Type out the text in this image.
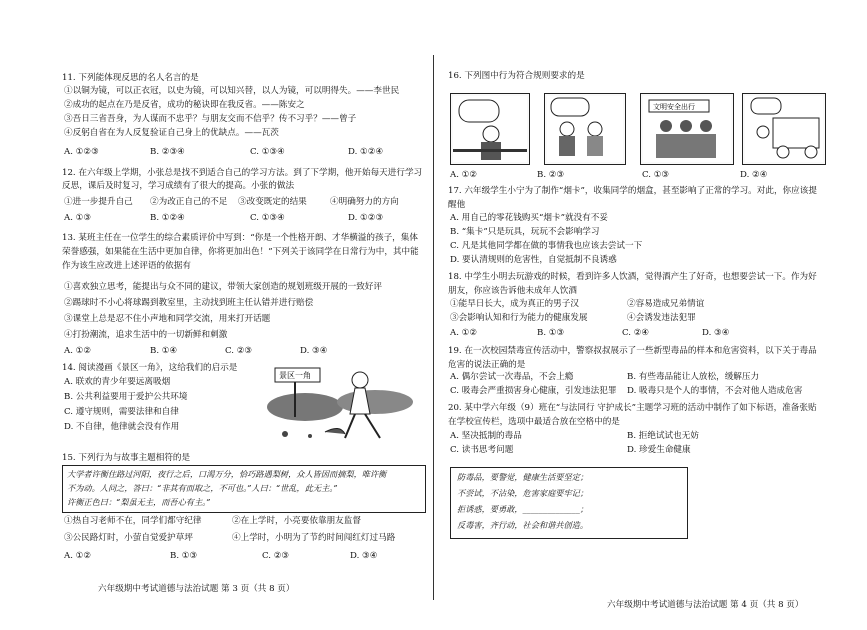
11. 下列能体现反思的名人名言的是
①以铜为镜，可以正衣冠，以史为镜，可以知兴替，以人为镜，可以明得失。——李世民
②成功的起点在乃是反省，成功的秘诀即在我反省。——陈安之
③吾日三省吾身，为人谋而不忠乎？与朋友交而不信乎？传不习乎？——曾子
④反躬自省在为人反复验证自己身上的优缺点。——瓦茨
A. ①②③	B. ②③④	C. ①③④	D. ①②④
12. 在六年级上学期，小张总是找不到适合自己的学习方法。到了下学期，他开始每天进行学习反思，课后及时复习，学习成绩有了很大的提高。小张的做法
①进一步提升自己 ②为改正自己的不足 ③改变既定的结果	④明确努力的方向
A. ①③	B. ①②④	C. ①③④	D. ①②③
13. 某班主任在一位学生的综合素质评价中写到：“你是一个性格开朗、才华横溢的孩子，集体荣誉感强，如果能在生活中更加自律，你将更加出色！”下列关于该同学在日常行为中，其中能作为该生应改进上述评语的依据有
①喜欢独立思考，能提出与众不同的建议，带领大家创造的规划班级开展的一致好评
②踢球时不小心将球踢到教室里，主动找到班主任认错并进行赔偿
③课堂上总是忍不住小声地和同学交流，用来打开话题
④打扮潮流，追求生活中的一切新鲜和刺激
A. ①②	B. ①④	C. ②③	D. ③④
14. 阅读漫画《景区一角》，这给我们的启示是
A. 联欢的青少年要远离吸烟
B. 公共利益要用于爱护公共环境
C. 遵守规则，需要法律和自律
D. 不自律，他律就会没有作用
景区一角
15. 下列行为与故事主题相符的是
大学者许衡住路过河阳，夜行之后，口渴万分，恰巧路遇梨树，众人皆因而摘梨，唯许衡
不为动。人问之，答曰：“非其有而取之，不可也。”人曰：“世乱，此无主。”
许衡正色曰：“梨虽无主，而吾心有主。”
①热自习老师不在，同学们都守纪律	②在上学时，小亮要依靠朋友监督
③公民路灯时，小萤自觉爱护草坪	④上学时，小明为了节约时间闯红灯过马路
A. ①②	B. ①③	C. ②③	D. ③④
六年级期中考试道德与法治试题 第 3 页（共 8 页）
16. 下列图中行为符合规则要求的是
文明安全出行
A. ①②	B. ②③	C. ①③	D. ②④
17. 六年级学生小宁为了制作“烟卡”，收集同学的烟盒，甚至影响了正常的学习。对此，你应该提醒他
A. 用自己的零花钱购买“烟卡”就没有不妥
B. “集卡”只是玩具，玩玩不会影响学习
C. 凡是其他同学都在做的事情我也应该去尝试一下
D. 要认清规则的危害性，自觉抵制不良诱惑
18. 中学生小明去玩游戏的时候，看到许多人饮酒，觉得酒产生了好奇，也想要尝试一下。作为好朋友，你应该告诉他未成年人饮酒
①能早日长大，成为真正的男子汉	②容易造成兄弟情谊
③会影响认知和行为能力的健康发展	④会诱发违法犯罪
A. ①②	B. ①③	C. ②④	D. ③④
19. 在一次校园禁毒宣传活动中，警察叔叔展示了一些新型毒品的样本和危害资料，以下关于毒品危害的说法正确的是
A. 偶尔尝试一次毒品，不会上瘾	B. 有些毒品能让人放松，缓解压力
C. 吸毒会严重损害身心健康，引发违法犯罪 D. 吸毒只是个人的事情，不会对他人造成危害
20. 某中学六年级（9）班在“与法同行 守护成长”主题学习班的活动中制作了如下标语，准备张贴在学校宣传栏，选项中最适合放在空格中的是
A. 坚决抵制的毒品	B. 拒绝试试也无妨
C. 读书思考问题	D. 珍爱生命健康
防毒品，要警觉，健康生活要坚定；
不尝试，不沾染，危害家庭要牢记；
拒诱惑，要勇敢，______________；
反毒害，齐行动，社会和谐共创造。
六年级期中考试道德与法治试题 第 4 页（共 8 页）
